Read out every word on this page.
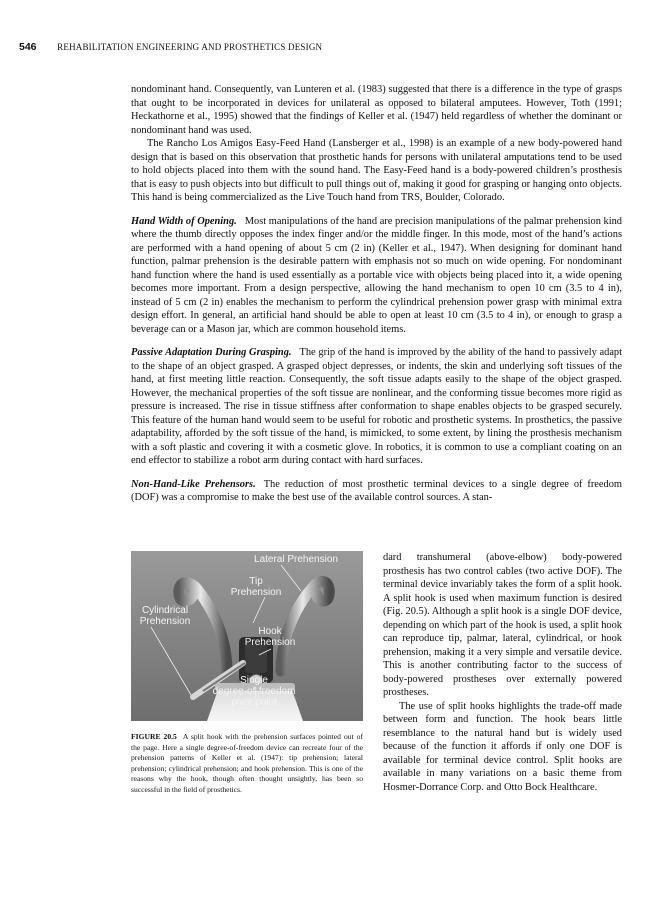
546 REHABILITATION ENGINEERING AND PROSTHETICS DESIGN

nondominant hand. Consequently, van Lunteren et al. (1983) suggested that there is a difference in the type of grasps that ought to be incorporated in devices for unilateral as opposed to bilateral amputees. However, Toth (1991; Heckathorne et al., 1995) showed that the findings of Keller et al. (1947) held regardless of whether the dominant or nondominant hand was used.

The Rancho Los Amigos Easy-Feed Hand (Lansberger et al., 1998) is an example of a new body-powered hand design that is based on this observation that prosthetic hands for persons with unilateral amputations tend to be used to hold objects placed into them with the sound hand. The Easy-Feed hand is a body-powered children’s prosthesis that is easy to push objects into but difficult to pull things out of, making it good for grasping or hanging onto objects. This hand is being commercialized as the Live Touch hand from TRS, Boulder, Colorado.

Hand Width of Opening. Most manipulations of the hand are precision manipulations of the palmar prehension kind where the thumb directly opposes the index finger and/or the middle finger. In this mode, most of the hand’s actions are performed with a hand opening of about 5 cm (2 in) (Keller et al., 1947). When designing for dominant hand function, palmar prehension is the desirable pattern with emphasis not so much on wide opening. For nondominant hand function where the hand is used essentially as a portable vice with objects being placed into it, a wide opening becomes more important. From a design perspective, allowing the hand mechanism to open 10 cm (3.5 to 4 in), instead of 5 cm (2 in) enables the mechanism to perform the cylindrical prehension power grasp with minimal extra design effort. In general, an artificial hand should be able to open at least 10 cm (3.5 to 4 in), or enough to grasp a beverage can or a Mason jar, which are common household items.

Passive Adaptation During Grasping. The grip of the hand is improved by the ability of the hand to passively adapt to the shape of an object grasped. A grasped object depresses, or indents, the skin and underlying soft tissues of the hand, at first meeting little reaction. Consequently, the soft tissue adapts easily to the shape of the object grasped. However, the mechanical properties of the soft tissue are nonlinear, and the conforming tissue becomes more rigid as pressure is increased. The rise in tissue stiffness after conformation to shape enables objects to be grasped securely. This feature of the human hand would seem to be useful for robotic and prosthetic systems. In prosthetics, the passive adaptability, afforded by the soft tissue of the hand, is mimicked, to some extent, by lining the prosthesis mechanism with a soft plastic and covering it with a cosmetic glove. In robotics, it is common to use a compliant coating on an end effector to stabilize a robot arm during contact with hard surfaces.

Non-Hand-Like Prehensors. The reduction of most prosthetic terminal devices to a single degree of freedom (DOF) was a compromise to make the best use of the available control sources. A stan-

Lateral Prehension
Tip
Prehension
Cylindrical
Prehension
Hook
Prehension
Single
degree-of-freedom
pivot point
FIGURE 20.5 A split hook with the prehension surfaces pointed out of the page. Here a single degree-of-freedom device can recreate four of the prehension patterns of Keller et al. (1947): tip prehension; lateral prehension; cylindrical prehension; and hook prehension. This is one of the reasons why the hook, though often thought unsightly, has been so successful in the field of prosthetics.

dard transhumeral (above-elbow) body-powered prosthesis has two control cables (two active DOF). The terminal device invariably takes the form of a split hook. A split hook is used when maximum function is desired (Fig. 20.5). Although a split hook is a single DOF device, depending on which part of the hook is used, a split hook can reproduce tip, palmar, lateral, cylindrical, or hook prehension, making it a very simple and versatile device. This is another contributing factor to the success of body-powered prostheses over externally powered prostheses.

The use of split hooks highlights the trade-off made between form and function. The hook bears little resemblance to the natural hand but is widely used because of the function it affords if only one DOF is available for terminal device control. Split hooks are available in many variations on a basic theme from Hosmer-Dorrance Corp. and Otto Bock Healthcare.
